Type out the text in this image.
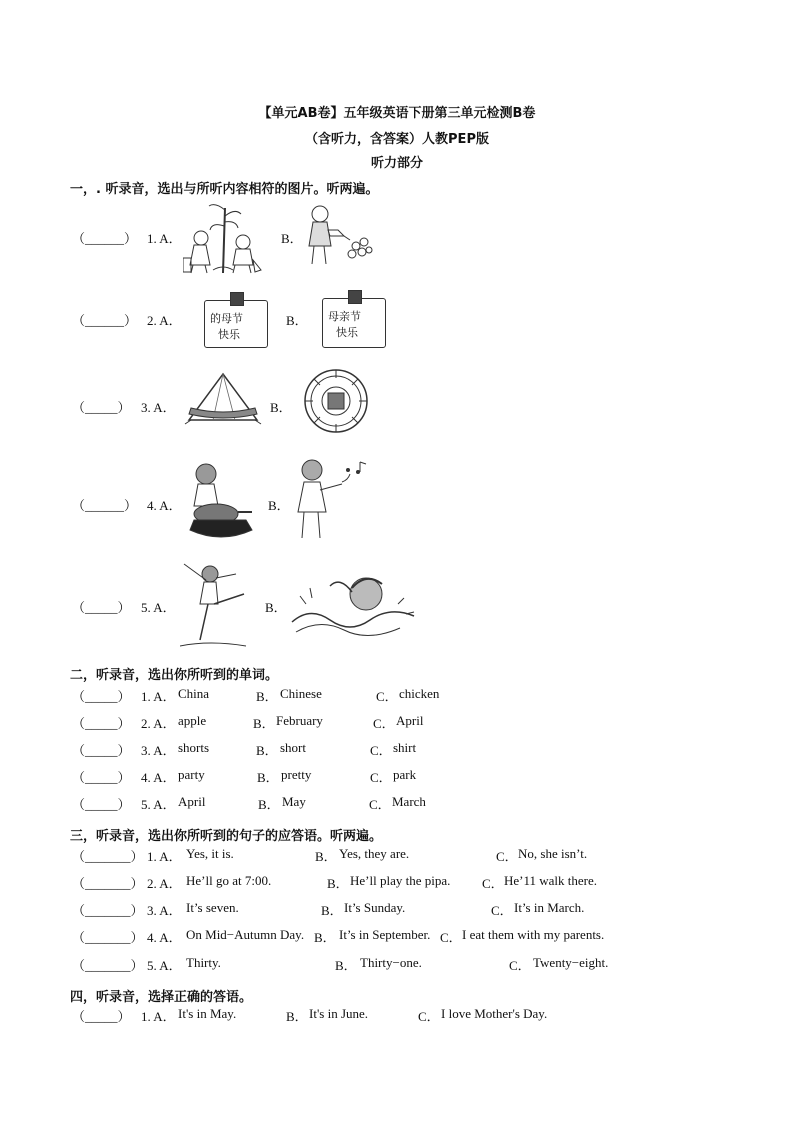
【单元AB卷】五年级英语下册第三单元检测B卷
（含听力，含答案）人教PEP版
听力部分
一，. 听录音，选出与所听内容相符的图片。听两遍。
（______） 1. A．	B．
（______） 2. A．	B．
的母节
快乐
母亲节
快乐
（_____） 3. A．	B．
（______） 4. A．	B．
（_____） 5. A．	B．
二，听录音，选出你所听到的单词。
（_____） 1. A． China	B． Chinese	C． chicken
（_____） 2. A． apple	B． February	C． April
（_____） 3. A． shorts	B． short	C． shirt
（_____） 4. A． party	B． pretty	C． park
（_____） 5. A． April	B． May	C． March
三，听录音，选出你所听到的句子的应答语。听两遍。
（_______） 1. A． Yes, it is.	B． Yes, they are.	C． No, she isn’t.
（_______） 2. A． He’ll go at 7:00.	B． He’ll play the pipa. C． He’11 walk there.
（_______） 3. A． It’s seven.	B． It’s Sunday.	C． It’s in March.
（_______） 4. A． On Mid−Autumn Day. B． It’s in September. C． I eat them with my parents.
（_______） 5. A． Thirty.	B． Thirty−one.	C． Twenty−eight.
四，听录音，选择正确的答语。
（_____） 1. A． It's in May.	B． It's in June.	C． I love Mother's Day.
